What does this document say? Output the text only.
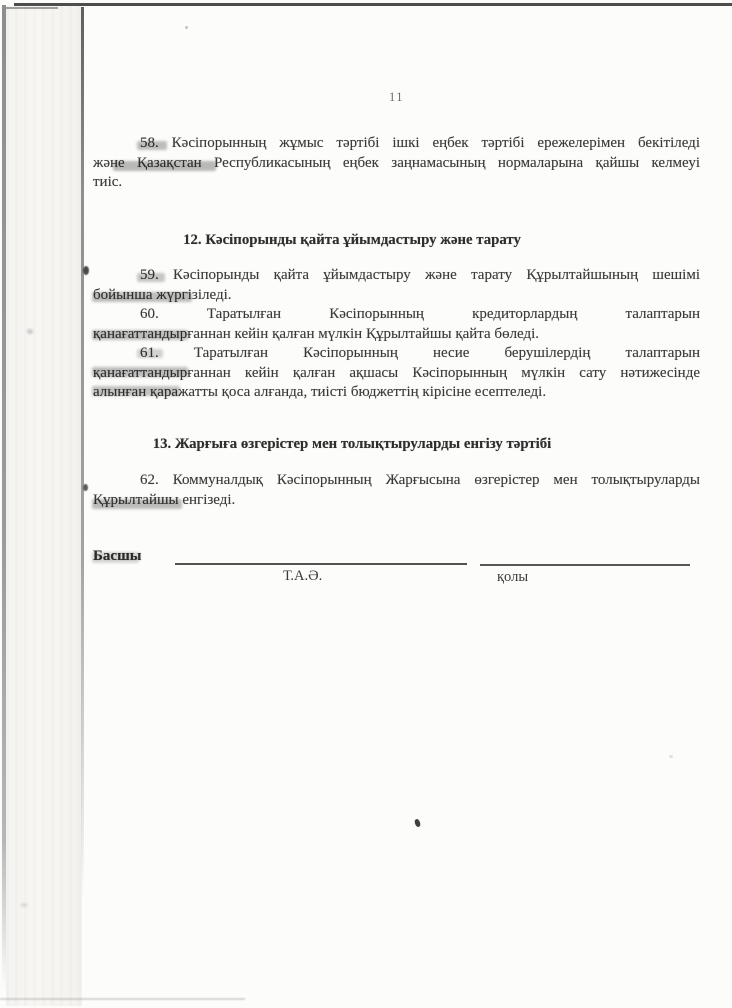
11
58. Кәсіпорынның жұмыс тәртібі ішкі еңбек тәртібі ережелерімен бекітіледі
және Қазақстан Республикасының еңбек заңнамасының нормаларына қайшы келмеуі
тиіс.
12. Кәсіпорынды қайта ұйымдастыру және тарату
59. Кәсіпорынды қайта ұйымдастыру және тарату Құрылтайшының шешімі
бойынша жүргізіледі.
60. Таратылған Кәсіпорынның кредиторлардың талаптарын
қанағаттандырғаннан кейін қалған мүлкін Құрылтайшы қайта бөледі.
61. Таратылған Кәсіпорынның несие берушілердің талаптарын
қанағаттандырғаннан кейін қалған ақшасы Кәсіпорынның мүлкін сату нәтижесінде
алынған қаражатты қоса алғанда, тиісті бюджеттің кірісіне есептеледі.
13. Жарғыға өзгерістер мен толықтыруларды енгізу тәртібі
62. Коммуналдық Кәсіпорынның Жарғысына өзгерістер мен толықтыруларды
Құрылтайшы енгізеді.
Басшы
Т.А.Ә.	қолы
